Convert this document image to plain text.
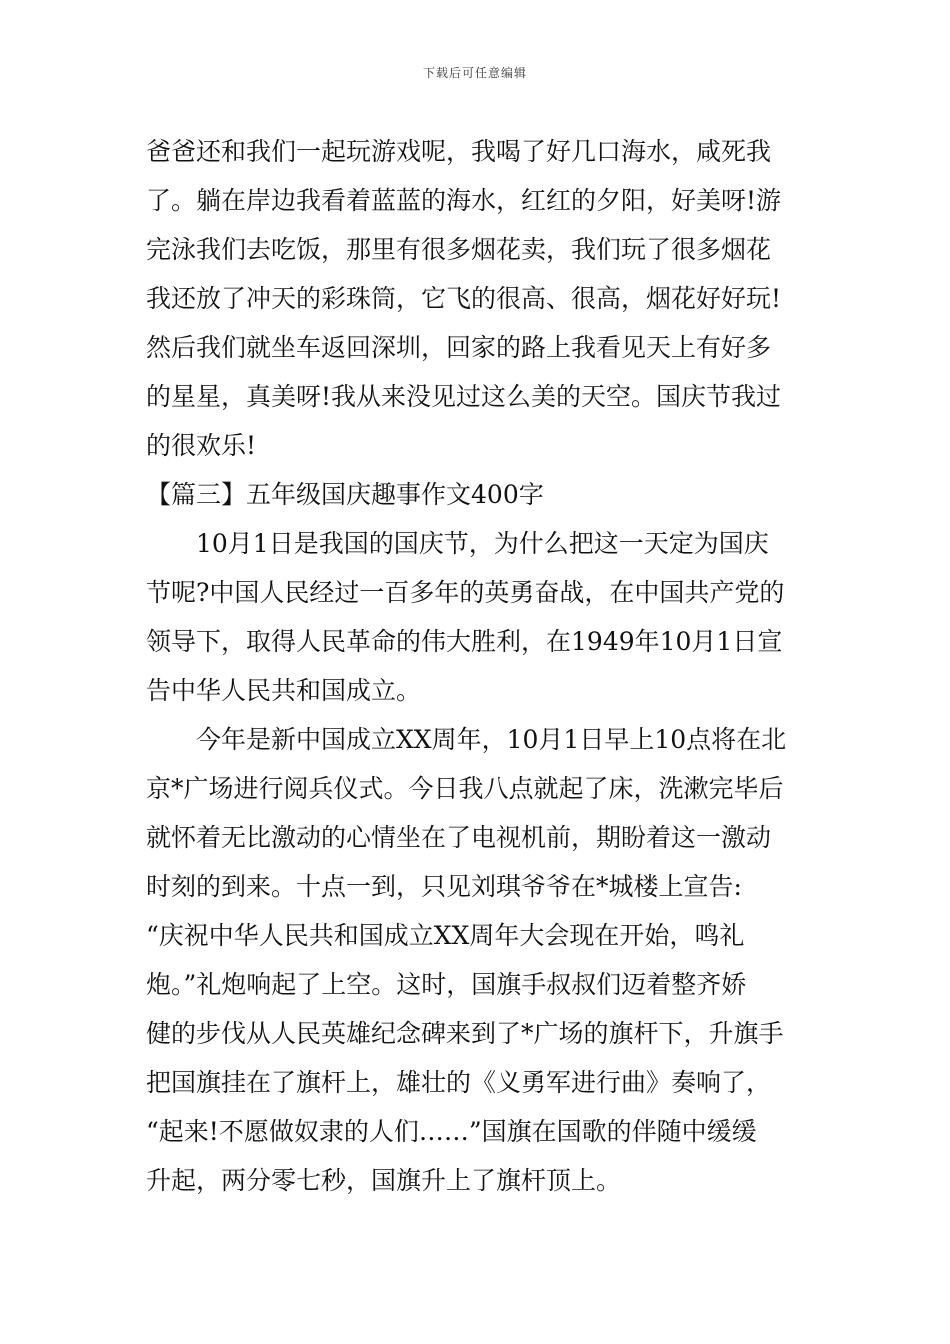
下载后可任意编辑
爸爸还和我们一起玩游戏呢，我喝了好几口海水，咸死我
了。躺在岸边我看着蓝蓝的海水，红红的夕阳，好美呀!游
完泳我们去吃饭，那里有很多烟花卖，我们玩了很多烟花
我还放了冲天的彩珠筒，它飞的很高、很高，烟花好好玩!
然后我们就坐车返回深圳，回家的路上我看见天上有好多
的星星，真美呀!我从来没见过这么美的天空。国庆节我过
的很欢乐!
【篇三】五年级国庆趣事作文400字
10月1日是我国的国庆节，为什么把这一天定为国庆
节呢?中国人民经过一百多年的英勇奋战，在中国共产党的
领导下，取得人民革命的伟大胜利，在1949年10月1日宣
告中华人民共和国成立。
今年是新中国成立XX周年，10月1日早上10点将在北
京*广场进行阅兵仪式。今日我八点就起了床，洗漱完毕后
就怀着无比激动的心情坐在了电视机前，期盼着这一激动
时刻的到来。十点一到，只见刘琪爷爷在*城楼上宣告:
“庆祝中华人民共和国成立XX周年大会现在开始，鸣礼
炮。”礼炮响起了上空。这时，国旗手叔叔们迈着整齐娇
健的步伐从人民英雄纪念碑来到了*广场的旗杆下，升旗手
把国旗挂在了旗杆上，雄壮的《义勇军进行曲》奏响了，
“起来!不愿做奴隶的人们……”国旗在国歌的伴随中缓缓
升起，两分零七秒，国旗升上了旗杆顶上。
